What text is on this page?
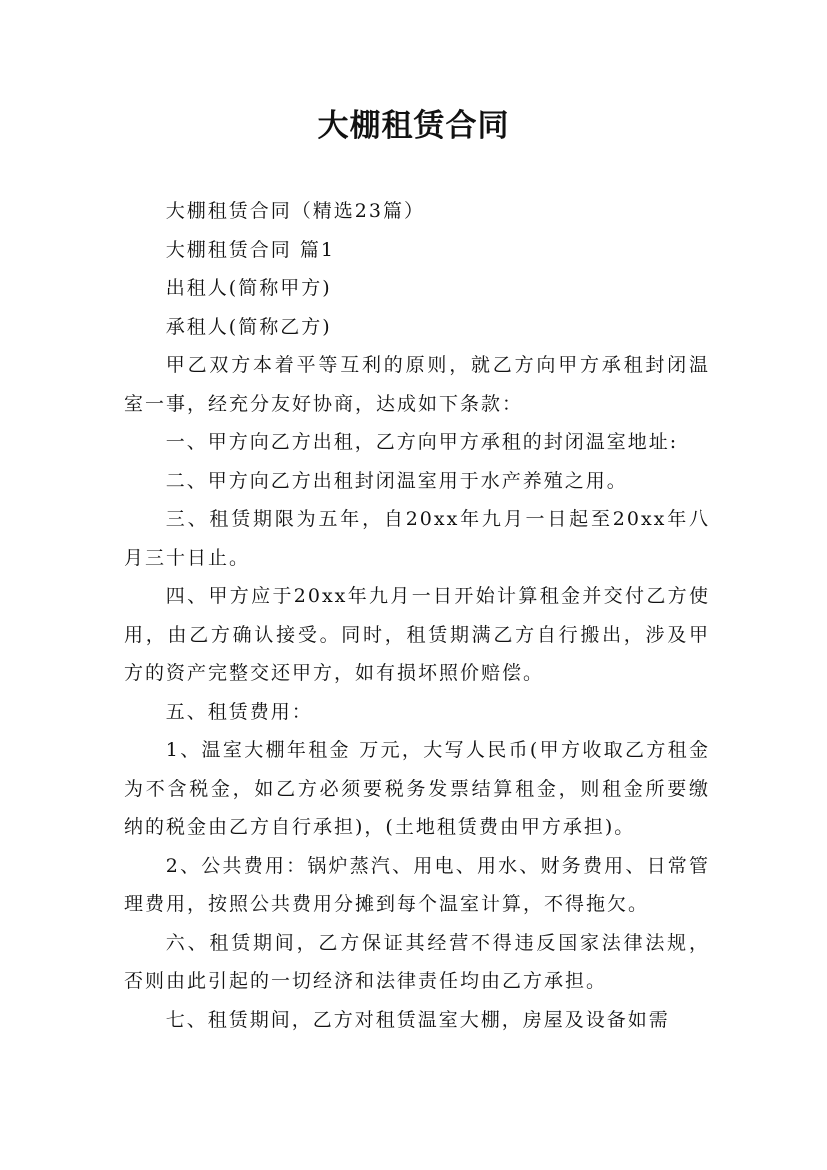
大棚租赁合同

大棚租赁合同（精选23篇）

大棚租赁合同 篇1

出租人(简称甲方)

承租人(简称乙方)

甲乙双方本着平等互利的原则，就乙方向甲方承租封闭温室一事，经充分友好协商，达成如下条款：

一、甲方向乙方出租，乙方向甲方承租的封闭温室地址:

二、甲方向乙方出租封闭温室用于水产养殖之用。

三、租赁期限为五年，自20xx年九月一日起至20xx年八月三十日止。

四、甲方应于20xx年九月一日开始计算租金并交付乙方使用，由乙方确认接受。同时，租赁期满乙方自行搬出，涉及甲方的资产完整交还甲方，如有损坏照价赔偿。

五、租赁费用：

1、温室大棚年租金 万元，大写人民币(甲方收取乙方租金为不含税金，如乙方必须要税务发票结算租金，则租金所要缴纳的税金由乙方自行承担)，(土地租赁费由甲方承担)。

2、公共费用：锅炉蒸汽、用电、用水、财务费用、日常管理费用，按照公共费用分摊到每个温室计算，不得拖欠。

六、租赁期间，乙方保证其经营不得违反国家法律法规，否则由此引起的一切经济和法律责任均由乙方承担。

七、租赁期间，乙方对租赁温室大棚，房屋及设备如需
